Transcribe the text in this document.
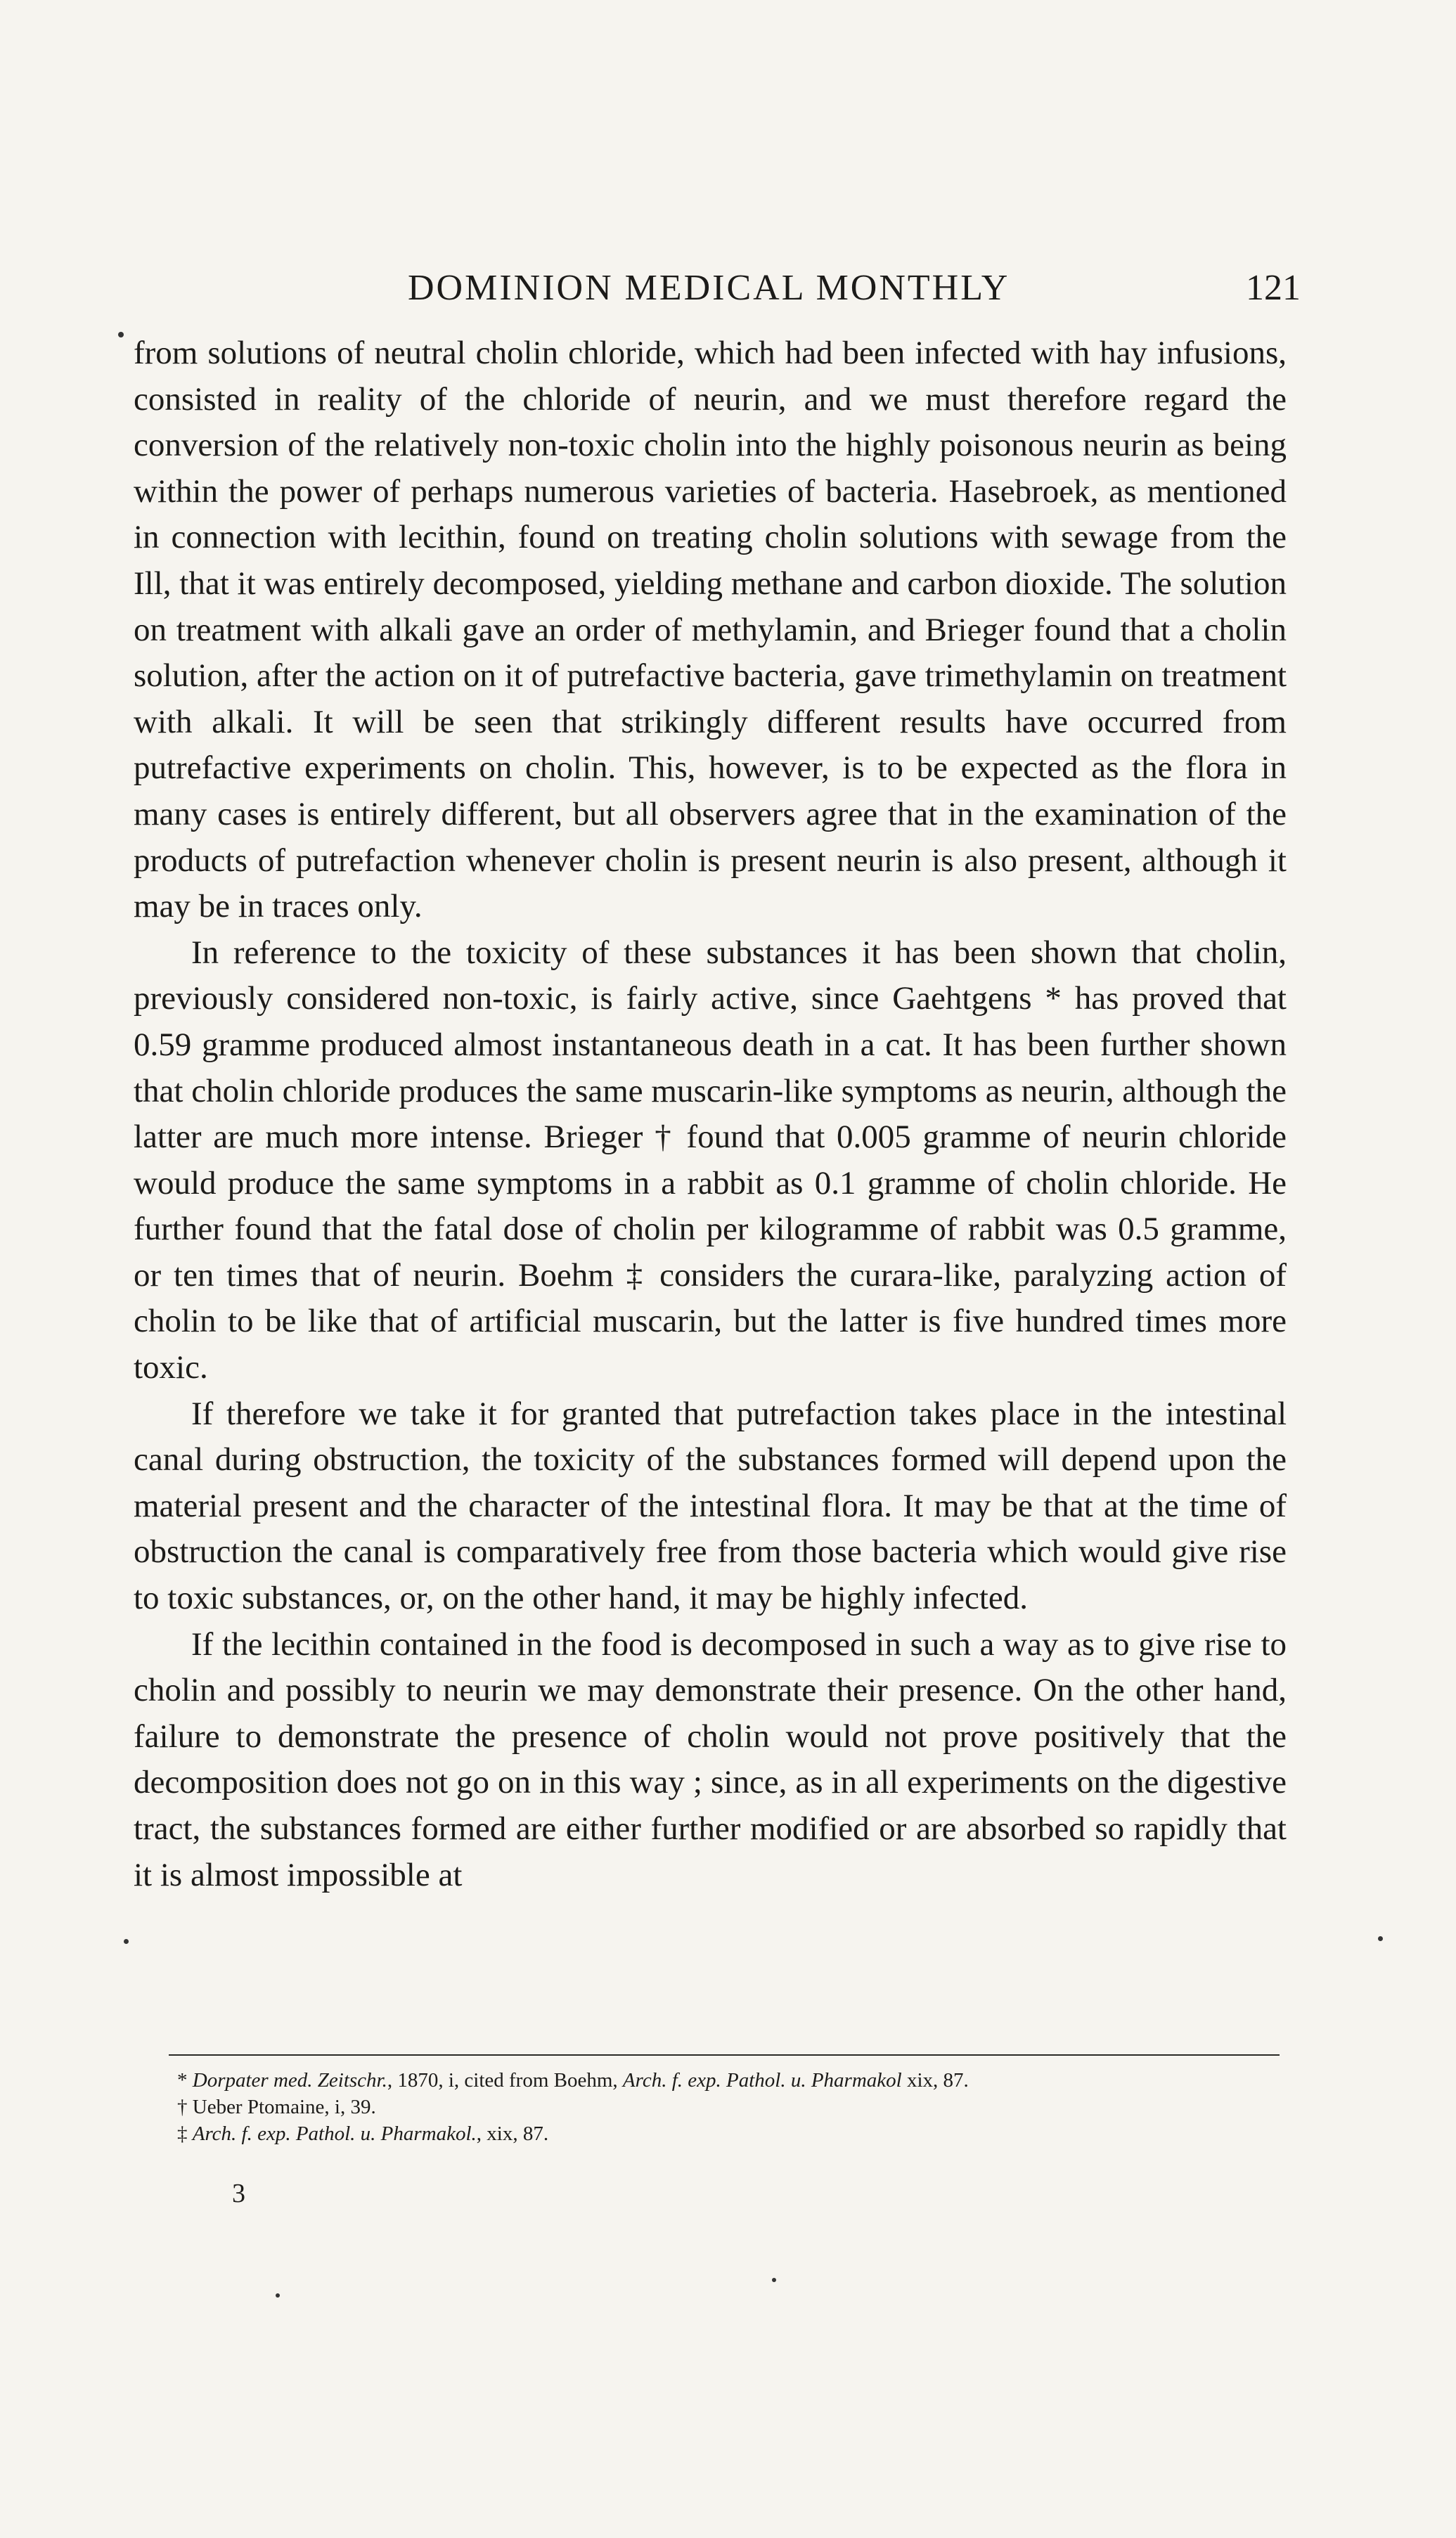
DOMINION MEDICAL MONTHLY	121

from solutions of neutral cholin chloride, which had been infected with hay infusions, consisted in reality of the chloride of neurin, and we must therefore regard the conversion of the relatively non-toxic cholin into the highly poisonous neurin as being within the power of perhaps numerous varieties of bacteria. Hasebroek, as mentioned in connection with lecithin, found on treating cholin solutions with sewage from the Ill, that it was entirely decomposed, yielding methane and carbon dioxide. The solution on treatment with alkali gave an order of methylamin, and Brieger found that a cholin solution, after the action on it of putrefactive bacteria, gave trimethylamin on treatment with alkali. It will be seen that strikingly different results have occurred from putrefactive experiments on cholin. This, however, is to be expected as the flora in many cases is entirely different, but all observers agree that in the examination of the products of putrefaction whenever cholin is present neurin is also present, although it may be in traces only.

In reference to the toxicity of these substances it has been shown that cholin, previously considered non-toxic, is fairly active, since Gaehtgens * has proved that 0.59 gramme produced almost instantaneous death in a cat. It has been further shown that cholin chloride produces the same muscarin-like symptoms as neurin, although the latter are much more intense. Brieger † found that 0.005 gramme of neurin chloride would produce the same symptoms in a rabbit as 0.1 gramme of cholin chloride. He further found that the fatal dose of cholin per kilogramme of rabbit was 0.5 gramme, or ten times that of neurin. Boehm ‡ considers the curara-like, paralyzing action of cholin to be like that of artificial muscarin, but the latter is five hundred times more toxic.

If therefore we take it for granted that putrefaction takes place in the intestinal canal during obstruction, the toxicity of the substances formed will depend upon the material present and the character of the intestinal flora. It may be that at the time of obstruction the canal is comparatively free from those bacteria which would give rise to toxic substances, or, on the other hand, it may be highly infected.

If the lecithin contained in the food is decomposed in such a way as to give rise to cholin and possibly to neurin we may demonstrate their presence. On the other hand, failure to demonstrate the presence of cholin would not prove positively that the decomposition does not go on in this way ; since, as in all experiments on the digestive tract, the substances formed are either further modified or are absorbed so rapidly that it is almost impossible at

* Dorpater med. Zeitschr., 1870, i, cited from Boehm, Arch. f. exp. Pathol. u. Pharmakol xix, 87.

† Ueber Ptomaine, i, 39.

‡ Arch. f. exp. Pathol. u. Pharmakol., xix, 87.

3
